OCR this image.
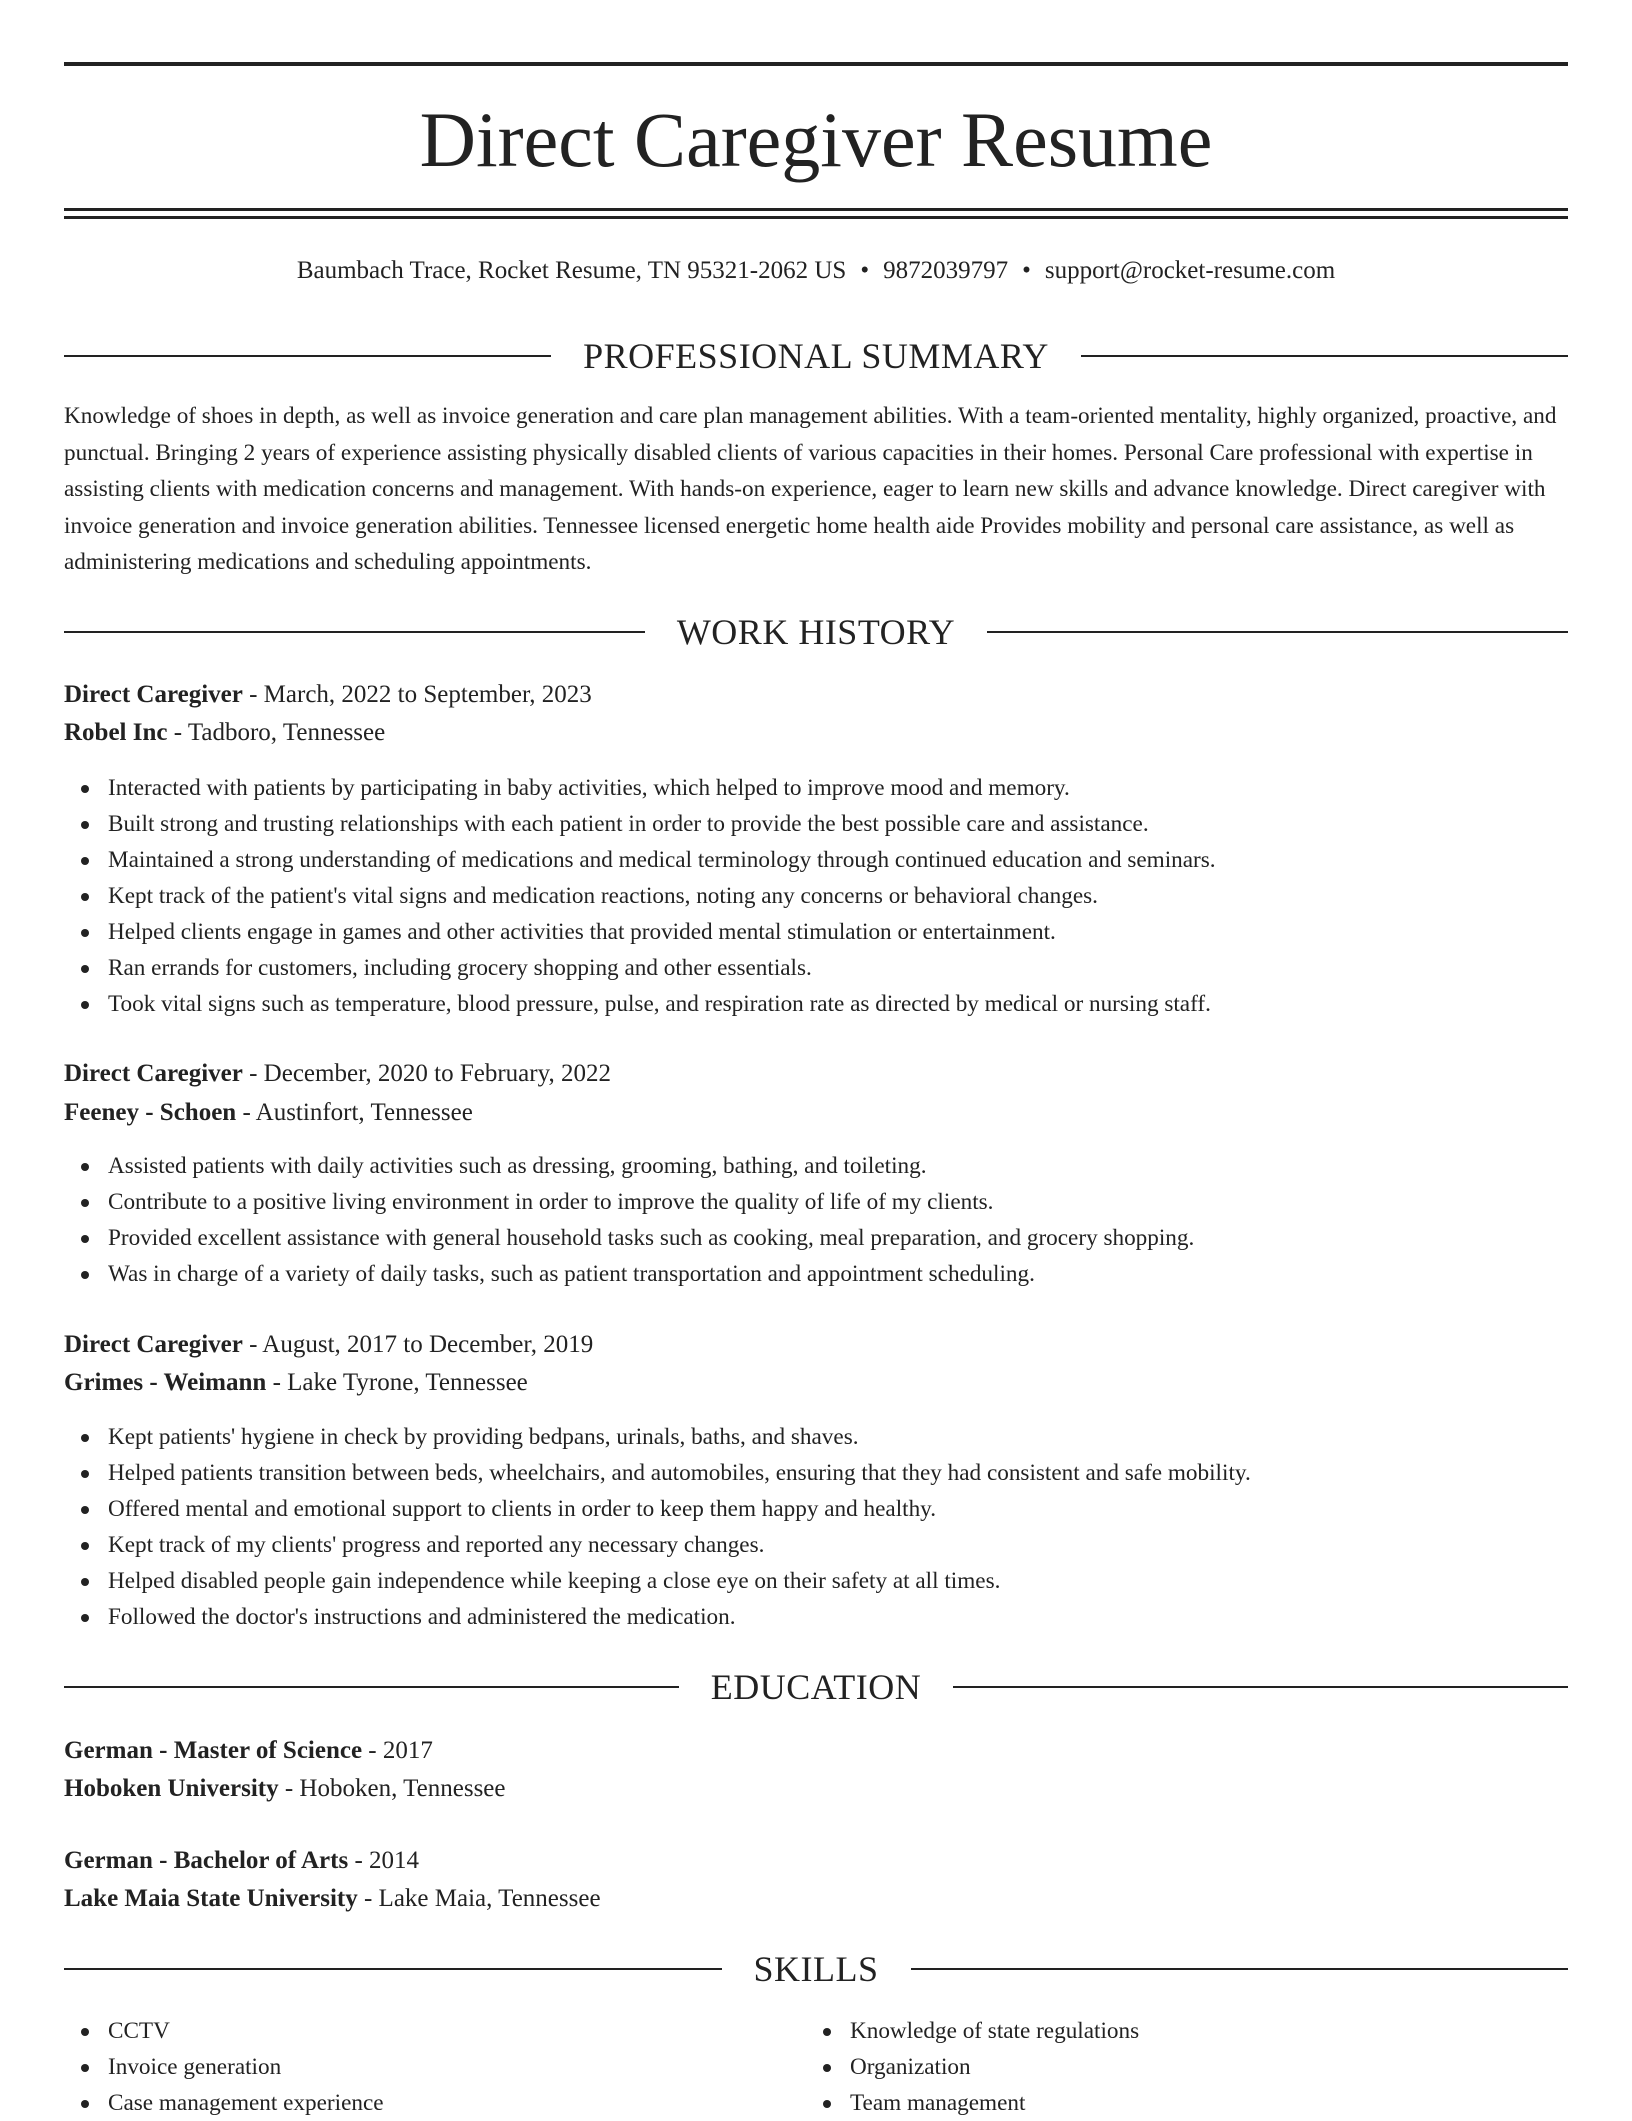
Direct Caregiver Resume
Baumbach Trace, Rocket Resume, TN 95321-2062 US • 9872039797 • support@rocket-resume.com
PROFESSIONAL SUMMARY

Knowledge of shoes in depth, as well as invoice generation and care plan management abilities. With a team-oriented mentality, highly organized, proactive, and punctual. Bringing 2 years of experience assisting physically disabled clients of various capacities in their homes. Personal Care professional with expertise in assisting clients with medication concerns and management. With hands-on experience, eager to learn new skills and advance knowledge. Direct caregiver with invoice generation and invoice generation abilities. Tennessee licensed energetic home health aide Provides mobility and personal care assistance, as well as administering medications and scheduling appointments.

WORK HISTORY
Direct Caregiver - March, 2022 to September, 2023
Robel Inc - Tadboro, Tennessee
Interacted with patients by participating in baby activities, which helped to improve mood and memory.
Built strong and trusting relationships with each patient in order to provide the best possible care and assistance.
Maintained a strong understanding of medications and medical terminology through continued education and seminars.
Kept track of the patient's vital signs and medication reactions, noting any concerns or behavioral changes.
Helped clients engage in games and other activities that provided mental stimulation or entertainment.
Ran errands for customers, including grocery shopping and other essentials.
Took vital signs such as temperature, blood pressure, pulse, and respiration rate as directed by medical or nursing staff.
Direct Caregiver - December, 2020 to February, 2022
Feeney - Schoen - Austinfort, Tennessee
Assisted patients with daily activities such as dressing, grooming, bathing, and toileting.
Contribute to a positive living environment in order to improve the quality of life of my clients.
Provided excellent assistance with general household tasks such as cooking, meal preparation, and grocery shopping.
Was in charge of a variety of daily tasks, such as patient transportation and appointment scheduling.
Direct Caregiver - August, 2017 to December, 2019
Grimes - Weimann - Lake Tyrone, Tennessee
Kept patients' hygiene in check by providing bedpans, urinals, baths, and shaves.
Helped patients transition between beds, wheelchairs, and automobiles, ensuring that they had consistent and safe mobility.
Offered mental and emotional support to clients in order to keep them happy and healthy.
Kept track of my clients' progress and reported any necessary changes.
Helped disabled people gain independence while keeping a close eye on their safety at all times.
Followed the doctor's instructions and administered the medication.
EDUCATION
German - Master of Science - 2017
Hoboken University - Hoboken, Tennessee
German - Bachelor of Arts - 2014
Lake Maia State University - Lake Maia, Tennessee
SKILLS
CCTV
Invoice generation
Case management experience
Knowledge of state regulations
Organization
Team management
